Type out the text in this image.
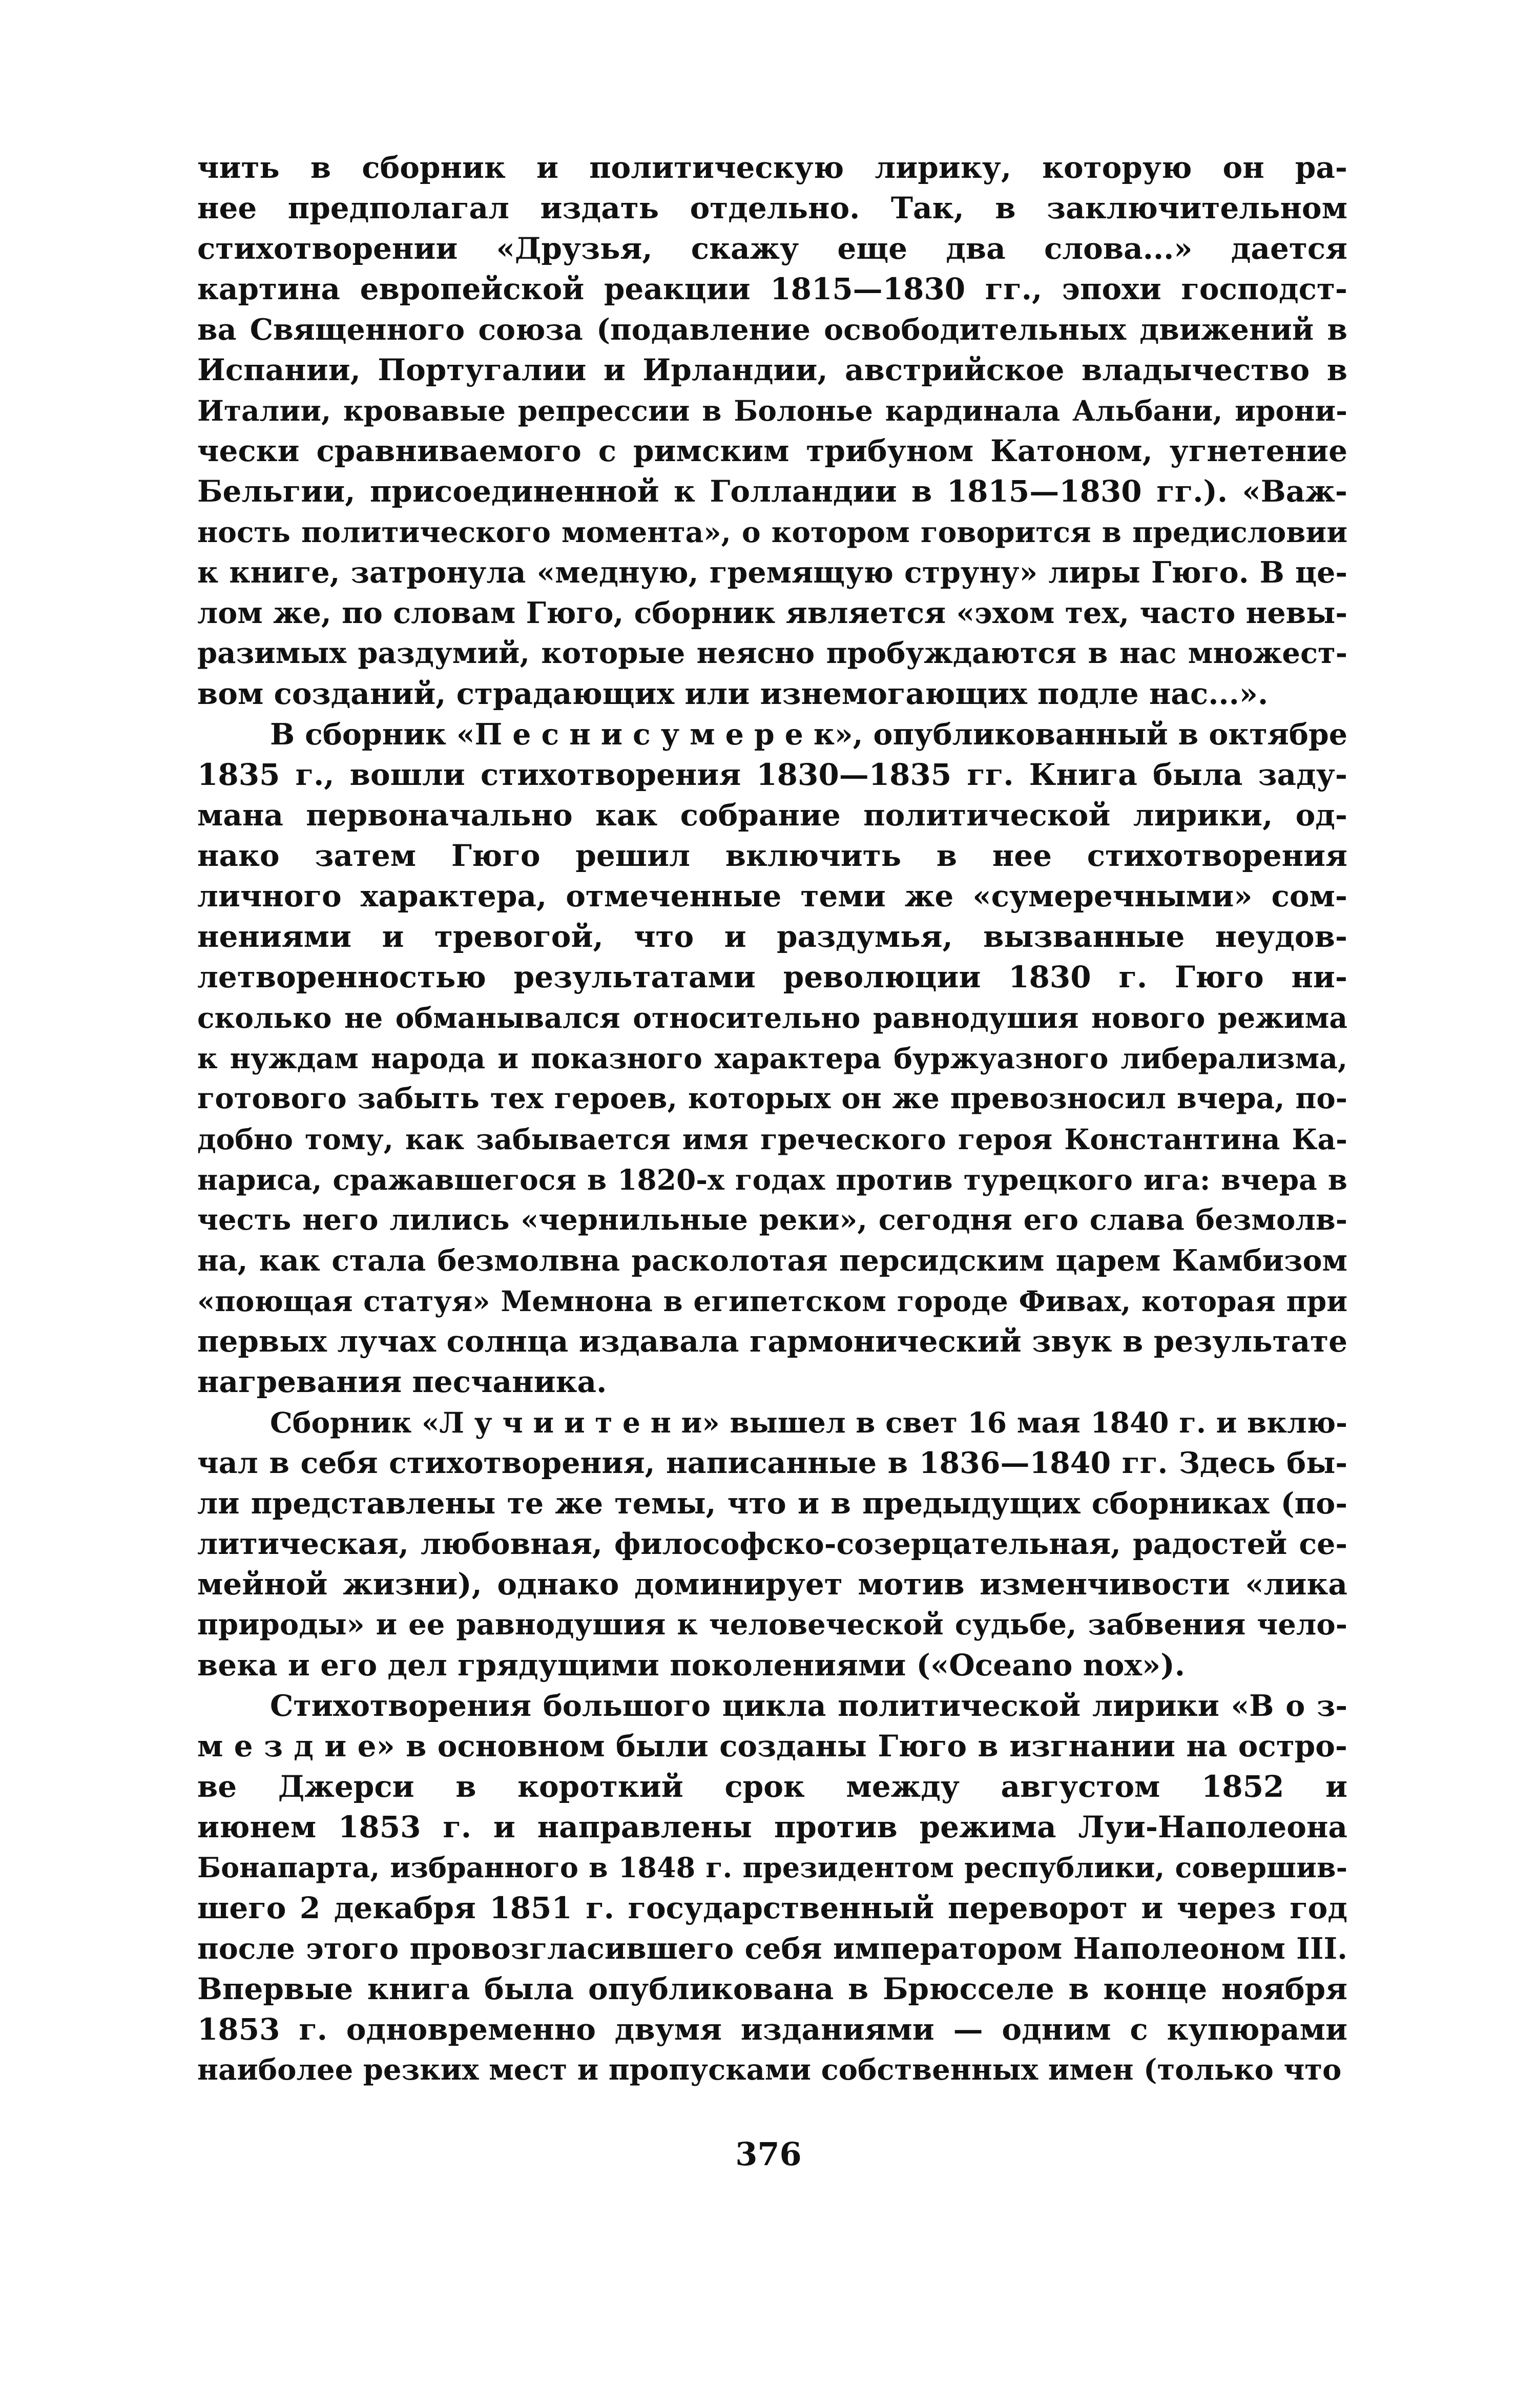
чить в сборник и политическую лирику, которую он ра-
нее предполагал издать отдельно. Так, в заключительном
стихотворении «Друзья, скажу еще два слова...» дается
картина европейской реакции 1815—1830 гг., эпохи господст-
ва Священного союза (подавление освободительных движений в
Испании, Португалии и Ирландии, австрийское владычество в
Италии, кровавые репрессии в Болонье кардинала Альбани, ирони-
чески сравниваемого с римским трибуном Катоном, угнетение
Бельгии, присоединенной к Голландии в 1815—1830 гг.). «Важ-
ность политического момента», о котором говорится в предисловии
к книге, затронула «медную, гремящую струну» лиры Гюго. В це-
лом же, по словам Гюго, сборник является «эхом тех, часто невы-
разимых раздумий, которые неясно пробуждаются в нас множест-
вом созданий, страдающих или изнемогающих подле нас...».
В сборник «П е с н и с у м е р е к», опубликованный в октябре
1835 г., вошли стихотворения 1830—1835 гг. Книга была заду-
мана первоначально как собрание политической лирики, од-
нако затем Гюго решил включить в нее стихотворения
личного характера, отмеченные теми же «сумеречными» сом-
нениями и тревогой, что и раздумья, вызванные неудов-
летворенностью результатами революции 1830 г. Гюго ни-
сколько не обманывался относительно равнодушия нового режима
к нуждам народа и показного характера буржуазного либерализма,
готового забыть тех героев, которых он же превозносил вчера, по-
добно тому, как забывается имя греческого героя Константина Ка-
нариса, сражавшегося в 1820-х годах против турецкого ига: вчера в
честь него лились «чернильные реки», сегодня его слава безмолв-
на, как стала безмолвна расколотая персидским царем Камбизом
«поющая статуя» Мемнона в египетском городе Фивах, которая при
первых лучах солнца издавала гармонический звук в результате
нагревания песчаника.
Сборник «Л у ч и и т е н и» вышел в свет 16 мая 1840 г. и вклю-
чал в себя стихотворения, написанные в 1836—1840 гг. Здесь бы-
ли представлены те же темы, что и в предыдущих сборниках (по-
литическая, любовная, философско-созерцательная, радостей се-
мейной жизни), однако доминирует мотив изменчивости «лика
природы» и ее равнодушия к человеческой судьбе, забвения чело-
века и его дел грядущими поколениями («Oceano nox»).
Стихотворения большого цикла политической лирики «В о з-
м е з д и е» в основном были созданы Гюго в изгнании на остро-
ве Джерси в короткий срок между августом 1852 и
июнем 1853 г. и направлены против режима Луи-Наполеона
Бонапарта, избранного в 1848 г. президентом республики, совершив-
шего 2 декабря 1851 г. государственный переворот и через год
после этого провозгласившего себя императором Наполеоном III.
Впервые книга была опубликована в Брюсселе в конце ноября
1853 г. одновременно двумя изданиями — одним с купюрами
наиболее резких мест и пропусками собственных имен (только что
376
